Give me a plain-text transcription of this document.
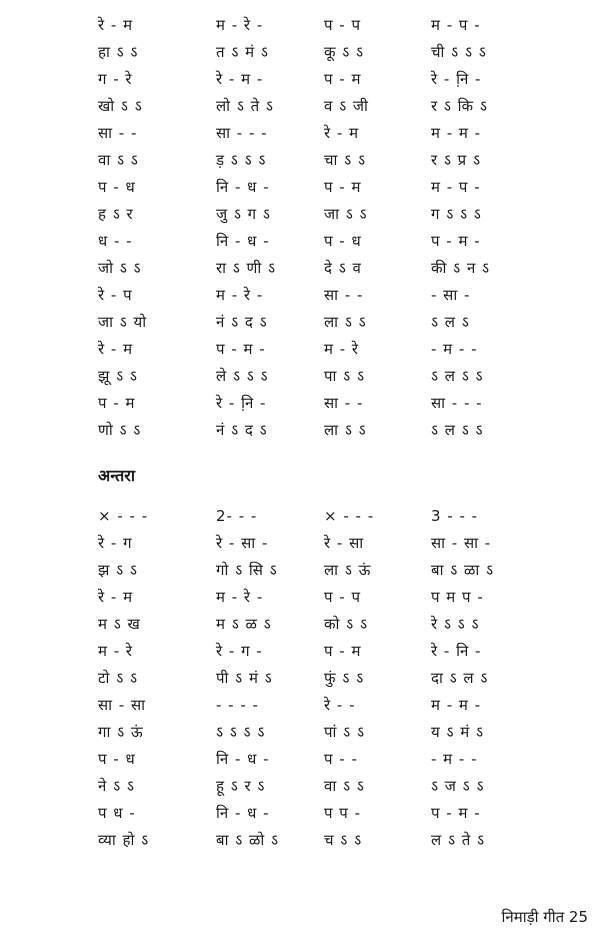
रे - म	म - रे -	प - प	म - प -
हा ऽ ऽ	त ऽ मं ऽ	कू ऽ ऽ	ची ऽ ऽ ऽ
ग - रे	रे - म -	प - म	रे - नि़ -
खो ऽ ऽ	लो ऽ ते ऽ	व ऽ जी	र ऽ कि ऽ
सा - -	सा - - -	रे - म	म - म -
वा ऽ ऽ	ड़ ऽ ऽ ऽ	चा ऽ ऽ	र ऽ प्र ऽ
प - ध	नि - ध -	प - म	म - प -
ह ऽ र	जु ऽ ग ऽ	जा ऽ ऽ	ग ऽ ऽ ऽ
ध - -	नि - ध -	प - ध	प - म -
जो ऽ ऽ	रा ऽ णी ऽ	दे ऽ व	की ऽ न ऽ
रे - प	म - रे -	सा - -	- सा -
जा ऽ यो	नं ऽ द ऽ	ला ऽ ऽ	ऽ ल ऽ
रे - म	प - म -	म - रे	- म - -
झू ऽ ऽ	ले ऽ ऽ ऽ	पा ऽ ऽ	ऽ ल ऽ ऽ
प - म	रे - नि़ -	सा - -	सा - - -
णो ऽ ऽ	नं ऽ द ऽ	ला ऽ ऽ	ऽ ल ऽ ऽ
अन्तरा
× - - -	2- - -	× - - -	3 - - -
रे - ग	रे - सा -	रे - सा	सा - सा -
झ ऽ ऽ	गो ऽ सि ऽ	ला ऽ ऊं	बा ऽ ळा ऽ
रे - म	म - रे -	प - प	प म प -
म ऽ ख	म ऽ ळ ऽ	को ऽ ऽ	रे ऽ ऽ ऽ
म - रे	रे - ग -	प - म	रे - नि -
टो ऽ ऽ	पी ऽ मं ऽ	फुं ऽ ऽ	दा ऽ ल ऽ
सा - सा	- - - -	रे - -	म - म -
गा ऽ ऊं	ऽ ऽ ऽ ऽ	पां ऽ ऽ	य ऽ मं ऽ
प - ध	नि - ध -	प - -	- म - -
ने ऽ ऽ	हू ऽ र ऽ	वा ऽ ऽ	ऽ ज ऽ ऽ
प ध -	नि - ध -	प प -	प - म -
व्या हो ऽ	बा ऽ ळो ऽ	च ऽ ऽ	ल ऽ ते ऽ
निमाड़ी गीत 25
